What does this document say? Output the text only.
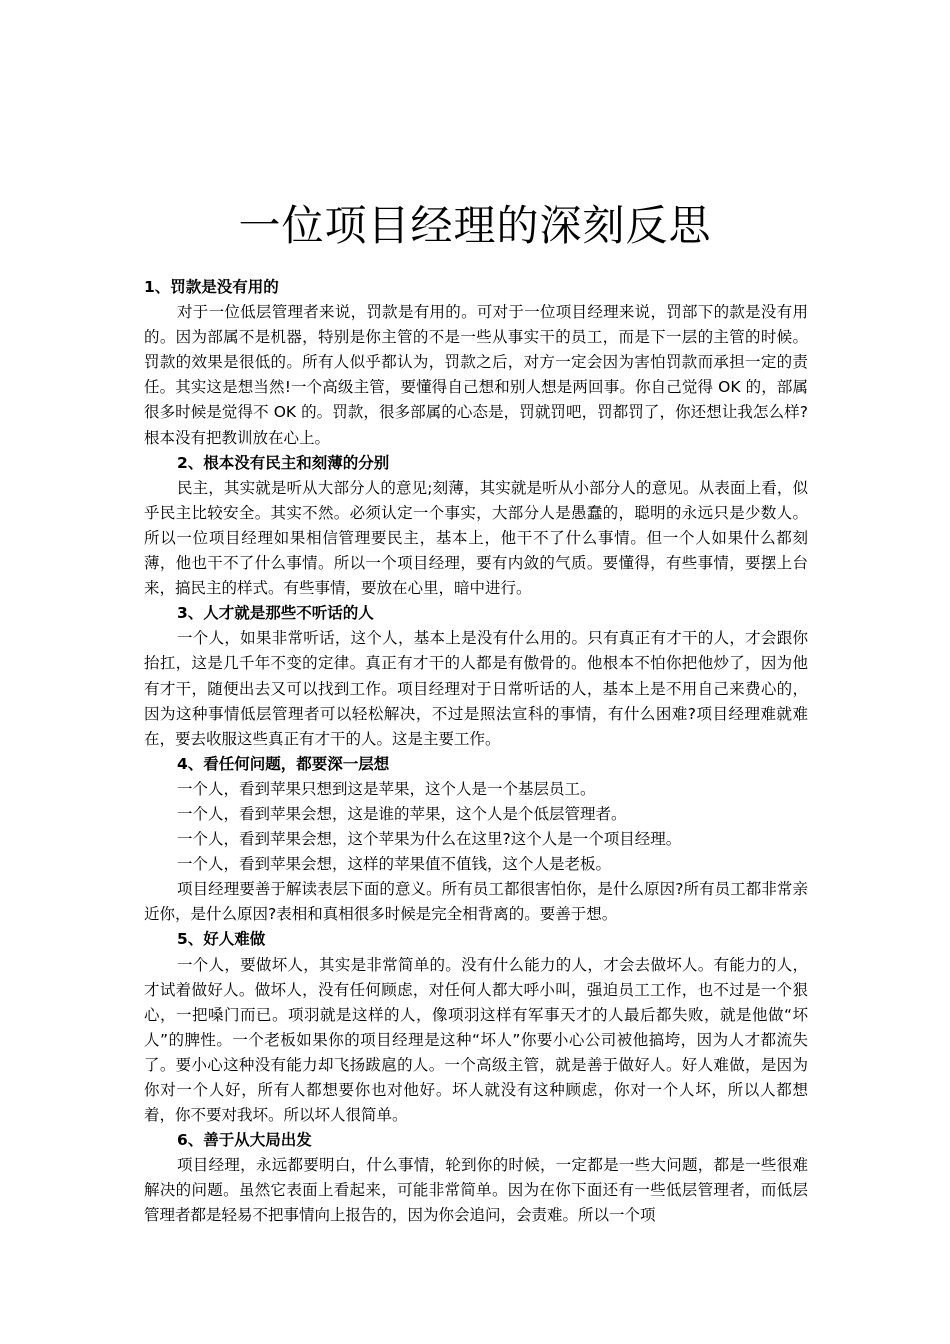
一位项目经理的深刻反思

1、罚款是没有用的

对于一位低层管理者来说，罚款是有用的。可对于一位项目经理来说，罚部下的款是没有用的。因为部属不是机器，特别是你主管的不是一些从事实干的员工，而是下一层的主管的时候。罚款的效果是很低的。所有人似乎都认为，罚款之后，对方一定会因为害怕罚款而承担一定的责任。其实这是想当然!一个高级主管，要懂得自己想和别人想是两回事。你自己觉得 OK 的，部属很多时候是觉得不 OK 的。罚款，很多部属的心态是，罚就罚吧，罚都罚了，你还想让我怎么样?根本没有把教训放在心上。

2、根本没有民主和刻薄的分别

民主，其实就是听从大部分人的意见;刻薄，其实就是听从小部分人的意见。从表面上看，似乎民主比较安全。其实不然。必须认定一个事实，大部分人是愚蠢的，聪明的永远只是少数人。所以一位项目经理如果相信管理要民主，基本上，他干不了什么事情。但一个人如果什么都刻薄，他也干不了什么事情。所以一个项目经理，要有内敛的气质。要懂得，有些事情，要摆上台来，搞民主的样式。有些事情，要放在心里，暗中进行。

3、人才就是那些不听话的人

一个人，如果非常听话，这个人，基本上是没有什么用的。只有真正有才干的人，才会跟你抬扛，这是几千年不变的定律。真正有才干的人都是有傲骨的。他根本不怕你把他炒了，因为他有才干，随便出去又可以找到工作。项目经理对于日常听话的人，基本上是不用自己来费心的，因为这种事情低层管理者可以轻松解决，不过是照法宣科的事情，有什么困难?项目经理难就难在，要去收服这些真正有才干的人。这是主要工作。

4、看任何问题，都要深一层想

一个人，看到苹果只想到这是苹果，这个人是一个基层员工。

一个人，看到苹果会想，这是谁的苹果，这个人是个低层管理者。

一个人，看到苹果会想，这个苹果为什么在这里?这个人是一个项目经理。

一个人，看到苹果会想，这样的苹果值不值钱，这个人是老板。

项目经理要善于解读表层下面的意义。所有员工都很害怕你，是什么原因?所有员工都非常亲近你，是什么原因?表相和真相很多时候是完全相背离的。要善于想。

5、好人难做

一个人，要做坏人，其实是非常简单的。没有什么能力的人，才会去做坏人。有能力的人，才试着做好人。做坏人，没有任何顾虑，对任何人都大呼小叫，强迫员工工作，也不过是一个狠心，一把嗓门而已。项羽就是这样的人，像项羽这样有军事天才的人最后都失败，就是他做“坏人”的脾性。一个老板如果你的项目经理是这种“坏人”你要小心公司被他搞垮，因为人才都流失了。要小心这种没有能力却飞扬跋扈的人。一个高级主管，就是善于做好人。好人难做，是因为你对一个人好，所有人都想要你也对他好。坏人就没有这种顾虑，你对一个人坏，所以人都想着，你不要对我坏。所以坏人很简单。

6、善于从大局出发

项目经理，永远都要明白，什么事情，轮到你的时候，一定都是一些大问题，都是一些很难解决的问题。虽然它表面上看起来，可能非常简单。因为在你下面还有一些低层管理者，而低层管理者都是轻易不把事情向上报告的，因为你会追问，会责难。所以一个项
